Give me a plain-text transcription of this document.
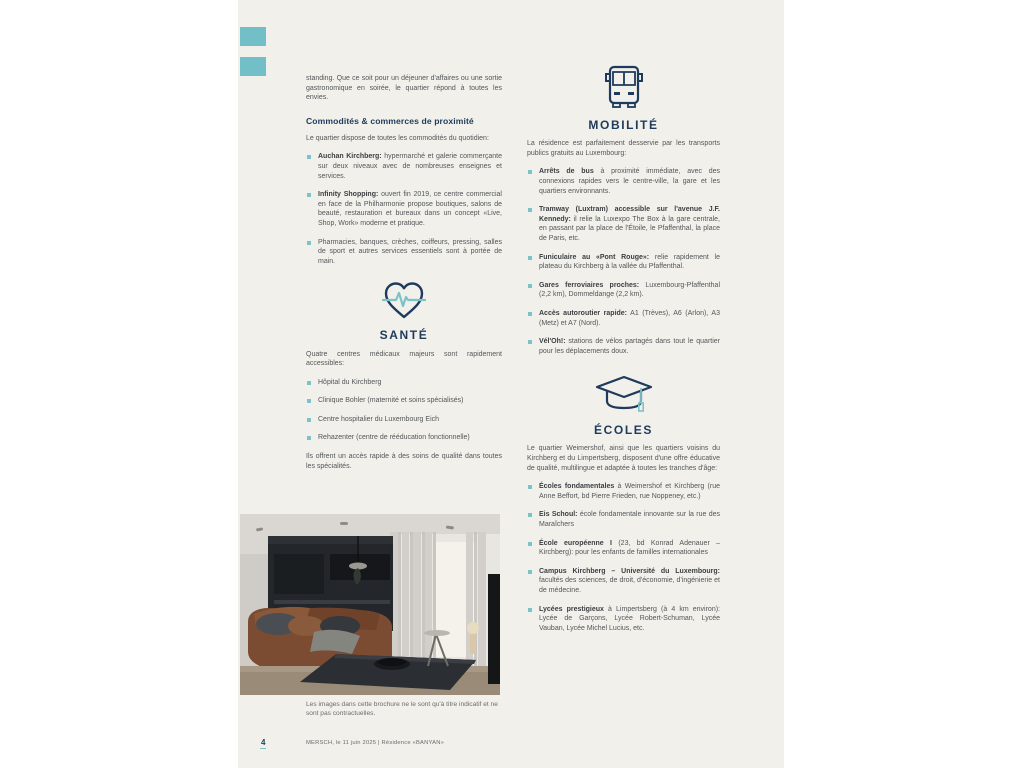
standing. Que ce soit pour un déjeuner d'affaires ou une sortie gastronomique en soirée, le quartier répond à toutes les envies.

Commodités & commerces de proximité

Le quartier dispose de toutes les commodités du quotidien:

Auchan Kirchberg: hypermarché et galerie commerçante sur deux niveaux avec de nombreuses enseignes et services.
Infinity Shopping: ouvert fin 2019, ce centre commercial en face de la Philharmonie propose boutiques, salons de beauté, restauration et bureaux dans un concept «Live, Shop, Work» moderne et pratique.
Pharmacies, banques, crèches, coiffeurs, pressing, salles de sport et autres services essentiels sont à portée de main.
SANTÉ

Quatre centres médicaux majeurs sont rapidement accessibles:

Hôpital du Kirchberg
Clinique Bohler (maternité et soins spécialisés)
Centre hospitalier du Luxembourg Eich
Rehazenter (centre de rééducation fonctionnelle)

Ils offrent un accès rapide à des soins de qualité dans toutes les spécialités.

Les images dans cette brochure ne le sont qu'à titre indicatif et ne sont pas contractuelles.
MOBILITÉ

La résidence est parfaitement desservie par les transports publics gratuits au Luxembourg:

Arrêts de bus à proximité immédiate, avec des connexions rapides vers le centre-ville, la gare et les quartiers environnants.
Tramway (Luxtram) accessible sur l'avenue J.F. Kennedy: il relie la Luxexpo The Box à la gare centrale, en passant par la place de l'Étoile, le Pfaffenthal, la place de Paris, etc.
Funiculaire au «Pont Rouge»: relie rapidement le plateau du Kirchberg à la vallée du Pfaffenthal.
Gares ferroviaires proches: Luxembourg-Pfaffenthal (2,2 km), Dommeldange (2,2 km).
Accès autoroutier rapide: A1 (Trèves), A6 (Arlon), A3 (Metz) et A7 (Nord).
Vél'Oh!: stations de vélos partagés dans tout le quartier pour les déplacements doux.
ÉCOLES

Le quartier Weimershof, ainsi que les quartiers voisins du Kirchberg et du Limpertsberg, disposent d'une offre éducative de qualité, multilingue et adaptée à toutes les tranches d'âge:

Écoles fondamentales à Weimershof et Kirchberg (rue Anne Beffort, bd Pierre Frieden, rue Noppeney, etc.)
Eis Schoul: école fondamentale innovante sur la rue des Maraîchers
École européenne I (23, bd Konrad Adenauer – Kirchberg): pour les enfants de familles internationales
Campus Kirchberg – Université du Luxembourg: facultés des sciences, de droit, d'économie, d'ingénierie et de médecine.
Lycées prestigieux à Limpertsberg (à 4 km environ): Lycée de Garçons, Lycée Robert-Schuman, Lycée Vauban, Lycée Michel Lucius, etc.
4	MERSCH, le 11 juin 2025 | Résidence «BANYAN»
